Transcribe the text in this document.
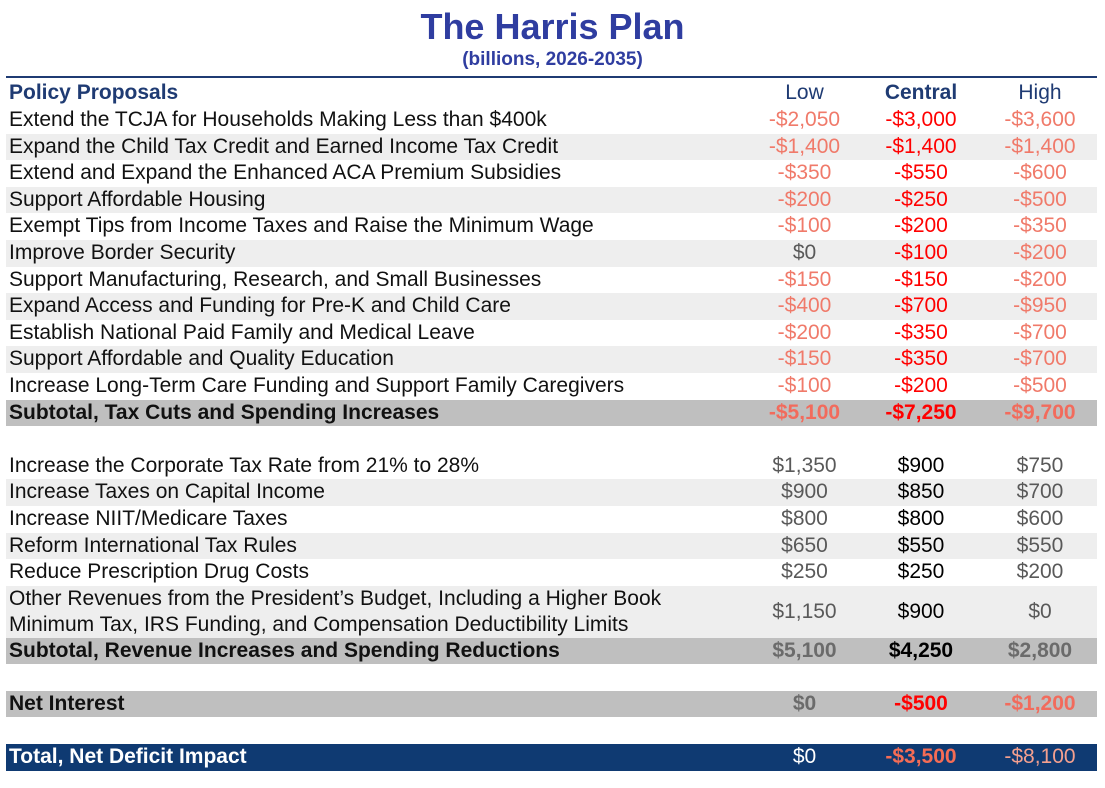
The Harris Plan
(billions, 2026-2035)
Policy Proposals	Low	Central	High
Extend the TCJA for Households Making Less than $400k	-$2,050	-$3,000	-$3,600
Expand the Child Tax Credit and Earned Income Tax Credit	-$1,400	-$1,400	-$1,400
Extend and Expand the Enhanced ACA Premium Subsidies	-$350	-$550	-$600
Support Affordable Housing	-$200	-$250	-$500
Exempt Tips from Income Taxes and Raise the Minimum Wage	-$100	-$200	-$350
Improve Border Security	$0	-$100	-$200
Support Manufacturing, Research, and Small Businesses	-$150	-$150	-$200
Expand Access and Funding for Pre-K and Child Care	-$400	-$700	-$950
Establish National Paid Family and Medical Leave	-$200	-$350	-$700
Support Affordable and Quality Education	-$150	-$350	-$700
Increase Long-Term Care Funding and Support Family Caregivers	-$100	-$200	-$500
Subtotal, Tax Cuts and Spending Increases	-$5,100	-$7,250	-$9,700

Increase the Corporate Tax Rate from 21% to 28%	$1,350	$900	$750
Increase Taxes on Capital Income	$900	$850	$700
Increase NIIT/Medicare Taxes	$800	$800	$600
Reform International Tax Rules	$650	$550	$550
Reduce Prescription Drug Costs	$250	$250	$200
Other Revenues from the President’s Budget, Including a Higher Book
Minimum Tax, IRS Funding, and Compensation Deductibility Limits	$1,150	$900	$0
Subtotal, Revenue Increases and Spending Reductions	$5,100	$4,250	$2,800

Net Interest	$0	-$500	-$1,200

Total, Net Deficit Impact	$0	-$3,500	-$8,100
